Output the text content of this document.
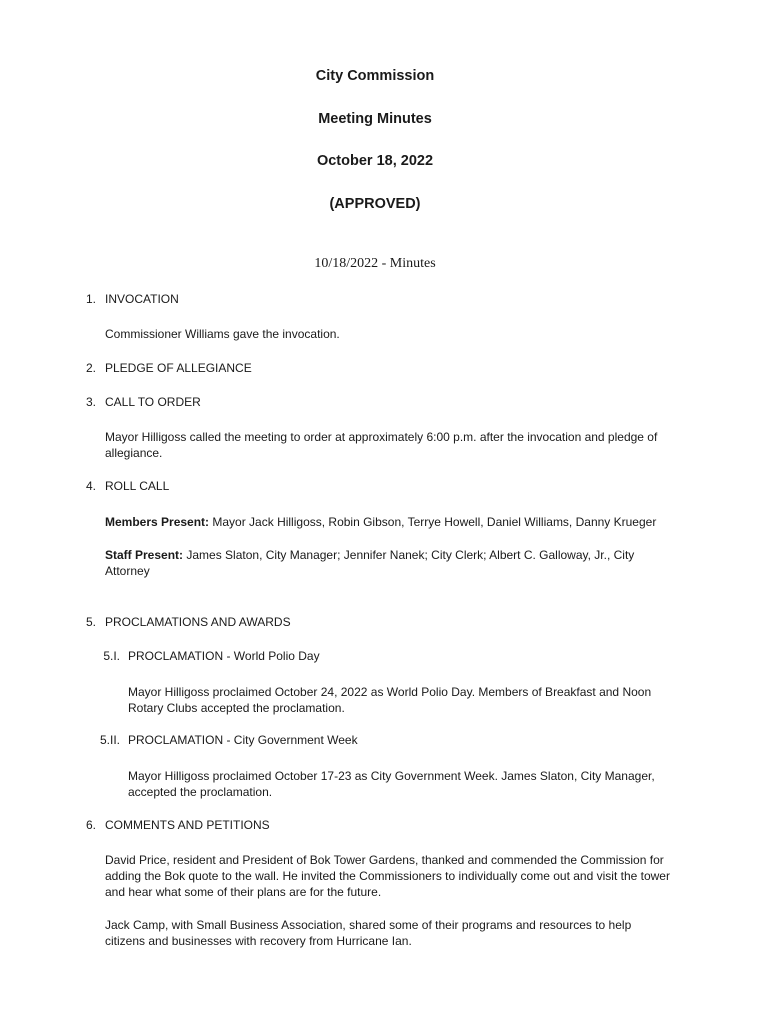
City Commission
Meeting Minutes
October 18, 2022
(APPROVED)
10/18/2022 - Minutes
1. INVOCATION
Commissioner Williams gave the invocation.
2. PLEDGE OF ALLEGIANCE
3. CALL TO ORDER
Mayor Hilligoss called the meeting to order at approximately 6:00 p.m. after the invocation and pledge of allegiance.
4. ROLL CALL
Members Present: Mayor Jack Hilligoss, Robin Gibson, Terrye Howell, Daniel Williams, Danny Krueger
Staff Present: James Slaton, City Manager; Jennifer Nanek; City Clerk; Albert C. Galloway, Jr., City Attorney
5. PROCLAMATIONS AND AWARDS
5.I. PROCLAMATION - World Polio Day
Mayor Hilligoss proclaimed October 24, 2022 as World Polio Day. Members of Breakfast and Noon Rotary Clubs accepted the proclamation.
5.II. PROCLAMATION - City Government Week
Mayor Hilligoss proclaimed October 17-23 as City Government Week. James Slaton, City Manager, accepted the proclamation.
6. COMMENTS AND PETITIONS
David Price, resident and President of Bok Tower Gardens, thanked and commended the Commission for adding the Bok quote to the wall. He invited the Commissioners to individually come out and visit the tower and hear what some of their plans are for the future.
Jack Camp, with Small Business Association, shared some of their programs and resources to help citizens and businesses with recovery from Hurricane Ian.
